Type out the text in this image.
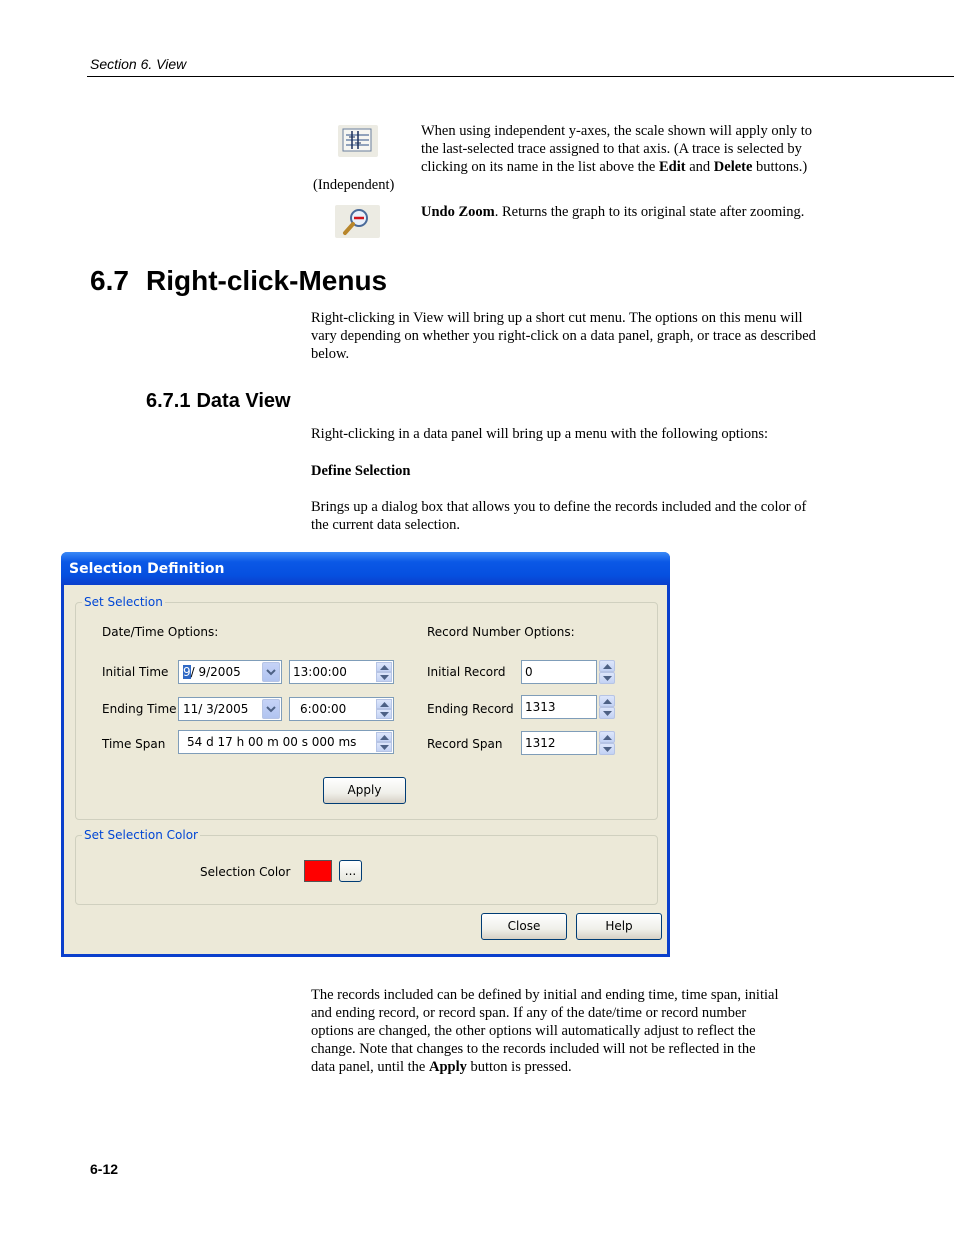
Section 6. View
(Independent)
When using independent y-axes, the scale shown will apply only to the last-selected trace assigned to that axis. (A trace is selected by clicking on its name in the list above the Edit and Delete buttons.)
Undo Zoom. Returns the graph to its original state after zooming.
6.7 Right-click-Menus
Right-clicking in View will bring up a short cut menu. The options on this menu will vary depending on whether you right-click on a data panel, graph, or trace as described below.
6.7.1 Data View
Right-clicking in a data panel will bring up a menu with the following options:
Define Selection
Brings up a dialog box that allows you to define the records included and the color of the current data selection.
Selection Definition
Set Selection
Date/Time Options:	Record Number Options:
Initial Time 9/ 9/2005	13:00:00
Ending Time 11/ 3/2005	6:00:00
Time Span 54 d 17 h 00 m 00 s 000 ms
Initial Record 0
Ending Record 1313
Record Span 1312
Apply
Set Selection Color
Selection Color	...
Close	Help
The records included can be defined by initial and ending time, time span, initial and ending record, or record span. If any of the date/time or record number options are changed, the other options will automatically adjust to reflect the change. Note that changes to the records included will not be reflected in the data panel, until the Apply button is pressed.
6-12
